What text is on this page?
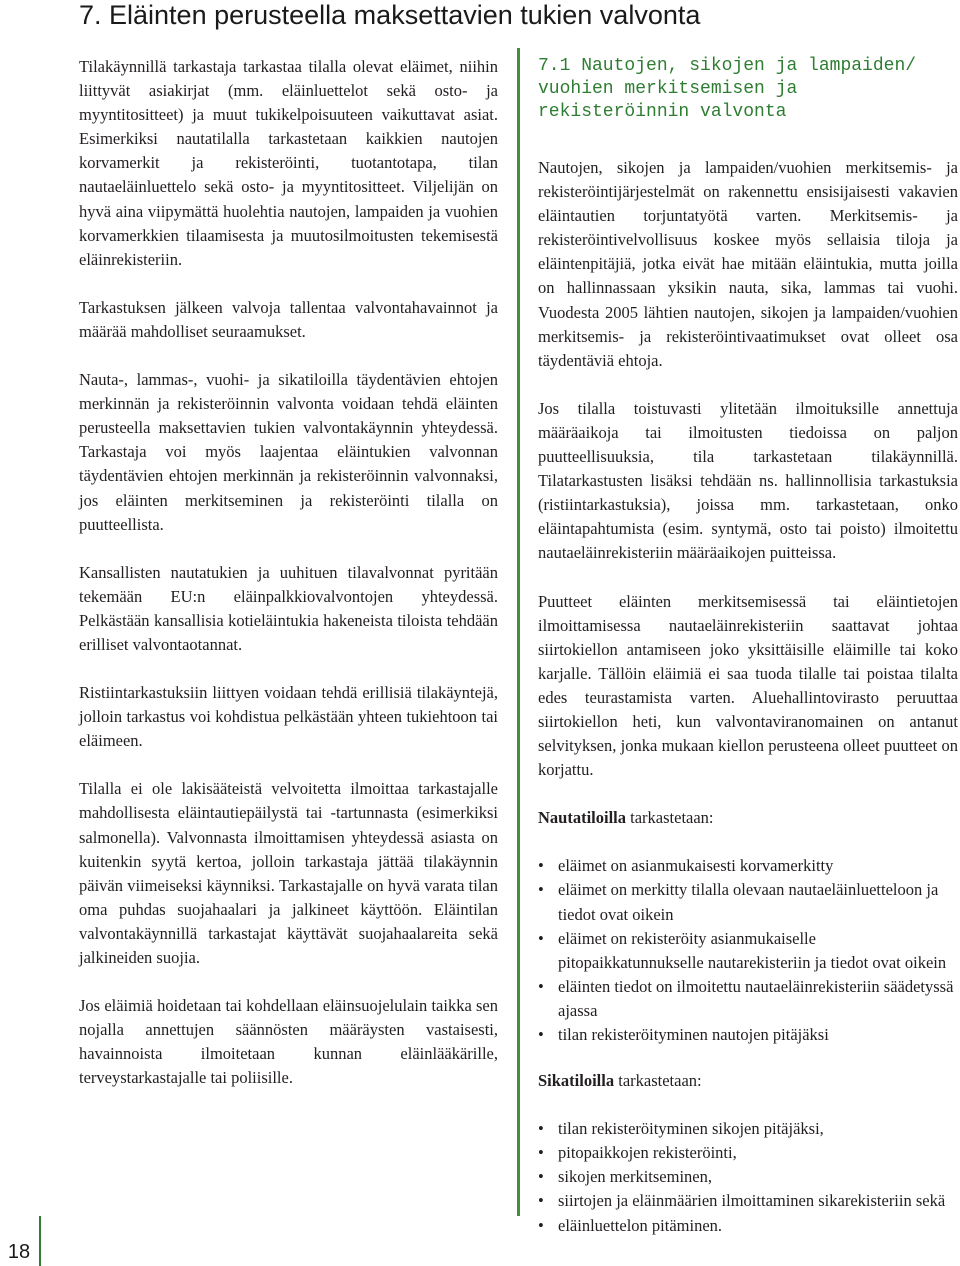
7. Eläinten perusteella maksettavien tukien valvonta

Tilakäynnillä tarkastaja tarkastaa tilalla olevat eläimet, niihin liittyvät asiakirjat (mm. eläinluettelot sekä osto- ja myyntitositteet) ja muut tukikelpoisuuteen vaikuttavat asiat. Esimerkiksi nautatilalla tarkastetaan kaikkien nautojen korvamerkit ja rekisteröinti, tuotantotapa, tilan nautaeläinluettelo sekä osto- ja myyntitositteet. Viljelijän on hyvä aina viipymättä huolehtia nautojen, lampaiden ja vuohien korvamerkkien tilaamisesta ja muutosilmoitusten tekemisestä eläinrekisteriin.

Tarkastuksen jälkeen valvoja tallentaa valvontahavainnot ja määrää mahdolliset seuraamukset.

Nauta-, lammas-, vuohi- ja sikatiloilla täydentävien ehtojen merkinnän ja rekisteröinnin valvonta voidaan tehdä eläinten perusteella maksettavien tukien valvontakäynnin yhteydessä. Tarkastaja voi myös laajentaa eläintukien valvonnan täydentävien ehtojen merkinnän ja rekisteröinnin valvonnaksi, jos eläinten merkitseminen ja rekisteröinti tilalla on puutteellista.

Kansallisten nautatukien ja uuhituen tilavalvonnat pyritään tekemään EU:n eläinpalkkiovalvontojen yhteydessä. Pelkästään kansallisia kotieläintukia hakeneista tiloista tehdään erilliset valvontaotannat.

Ristiintarkastuksiin liittyen voidaan tehdä erillisiä tilakäyntejä, jolloin tarkastus voi kohdistua pelkästään yhteen tukiehtoon tai eläimeen.

Tilalla ei ole lakisääteistä velvoitetta ilmoittaa tarkastajalle mahdollisesta eläintautiepäilystä tai -tartunnasta (esimerkiksi salmonella). Valvonnasta ilmoittamisen yhteydessä asiasta on kuitenkin syytä kertoa, jolloin tarkastaja jättää tilakäynnin päivän viimeiseksi käynniksi. Tarkastajalle on hyvä varata tilan oma puhdas suojahaalari ja jalkineet käyttöön. Eläintilan valvontakäynnillä tarkastajat käyttävät suojahaalareita sekä jalkineiden suojia.

Jos eläimiä hoidetaan tai kohdellaan eläinsuojelulain taikka sen nojalla annettujen säännösten määräysten vastaisesti, havainnoista ilmoitetaan kunnan eläinlääkärille, terveystarkastajalle tai poliisille.

7.1 Nautojen, sikojen ja lampaiden/ vuohien merkitsemisen ja rekisteröinnin valvonta

Nautojen, sikojen ja lampaiden/vuohien merkitsemis- ja rekisteröintijärjestelmät on rakennettu ensisijaisesti vakavien eläintautien torjuntatyötä varten. Merkitsemis- ja rekisteröintivelvollisuus koskee myös sellaisia tiloja ja eläintenpitäjiä, jotka eivät hae mitään eläintukia, mutta joilla on hallinnassaan yksikin nauta, sika, lammas tai vuohi. Vuodesta 2005 lähtien nautojen, sikojen ja lampaiden/vuohien merkitsemis- ja rekisteröintivaatimukset ovat olleet osa täydentäviä ehtoja.

Jos tilalla toistuvasti ylitetään ilmoituksille annettuja määräaikoja tai ilmoitusten tiedoissa on paljon puutteellisuuksia, tila tarkastetaan tilakäynnillä. Tilatarkastusten lisäksi tehdään ns. hallinnollisia tarkastuksia (ristiintarkastuksia), joissa mm. tarkastetaan, onko eläintapahtumista (esim. syntymä, osto tai poisto) ilmoitettu nautaeläinrekisteriin määräaikojen puitteissa.

Puutteet eläinten merkitsemisessä tai eläintietojen ilmoittamisessa nautaeläinrekisteriin saattavat johtaa siirtokiellon antamiseen joko yksittäisille eläimille tai koko karjalle. Tällöin eläimiä ei saa tuoda tilalle tai poistaa tilalta edes teurastamista varten. Aluehallintovirasto peruuttaa siirtokiellon heti, kun valvontaviranomainen on antanut selvityksen, jonka mukaan kiellon perusteena olleet puutteet on korjattu.

Nautatiloilla tarkastetaan:

• eläimet on asianmukaisesti korvamerkitty
• eläimet on merkitty tilalla olevaan nautaeläinluetteloon ja tiedot ovat oikein
• eläimet on rekisteröity asianmukaiselle pitopaikkatunnukselle nautarekisteriin ja tiedot ovat oikein
• eläinten tiedot on ilmoitettu nautaeläinrekisteriin säädetyssä ajassa
• tilan rekisteröityminen nautojen pitäjäksi

Sikatiloilla tarkastetaan:

• tilan rekisteröityminen sikojen pitäjäksi,
• pitopaikkojen rekisteröinti,
• sikojen merkitseminen,
• siirtojen ja eläinmäärien ilmoittaminen sikarekisteriin sekä
• eläinluettelon pitäminen.
18
